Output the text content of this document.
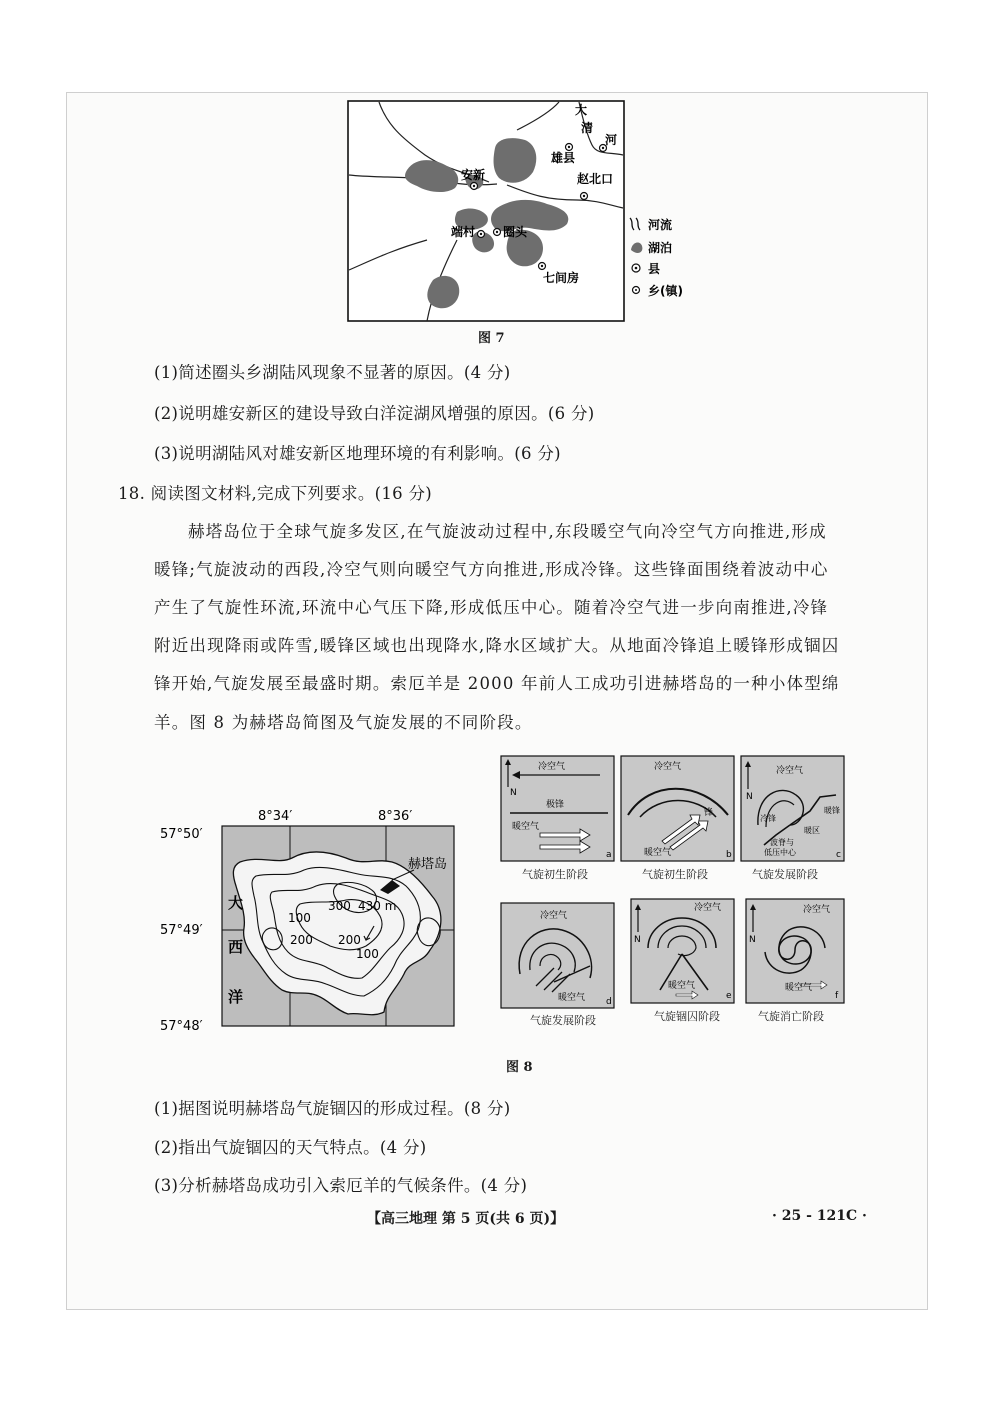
大
清
河
雄县
安新	赵北口
端村 圈头
七间房
河流
湖泊
县
乡(镇)
图 7
(1)简述圈头乡湖陆风现象不显著的原因。(4 分)
(2)说明雄安新区的建设导致白洋淀湖风增强的原因。(6 分)
(3)说明湖陆风对雄安新区地理环境的有利影响。(6 分)
18. 阅读图文材料,完成下列要求。(16 分)
赫塔岛位于全球气旋多发区,在气旋波动过程中,东段暖空气向冷空气方向推进,形成
暖锋;气旋波动的西段,冷空气则向暖空气方向推进,形成冷锋。这些锋面围绕着波动中心
产生了气旋性环流,环流中心气压下降,形成低压中心。随着冷空气进一步向南推进,冷锋
附近出现降雨或阵雪,暖锋区域也出现降水,降水区域扩大。从地面冷锋追上暖锋形成锢囚
锋开始,气旋发展至最盛时期。索厄羊是 2000 年前人工成功引进赫塔岛的一种小体型绵
羊。图 8 为赫塔岛简图及气旋发展的不同阶段。
8°34′	8°36′
57°50′
57°49′
57°48′
大
西
洋
赫塔岛
430 m
100
300
200 200
100
冷空气
N
极锋
暖空气
a
气旋初生阶段
冷空气
锋
暖空气	b
气旋初生阶段
冷空气
N
冷锋
暖锋
暖区
波脊与
低压中心	c
气旋发展阶段
冷空气
暖空气 d
气旋发展阶段
冷空气
N
暖空气
e
气旋锢囚阶段
冷空气
N
暖空气
f
气旋消亡阶段
图 8
(1)据图说明赫塔岛气旋锢囚的形成过程。(8 分)
(2)指出气旋锢囚的天气特点。(4 分)
(3)分析赫塔岛成功引入索厄羊的气候条件。(4 分)
【高三地理 第 5 页(共 6 页)】	· 25 - 121C ·
